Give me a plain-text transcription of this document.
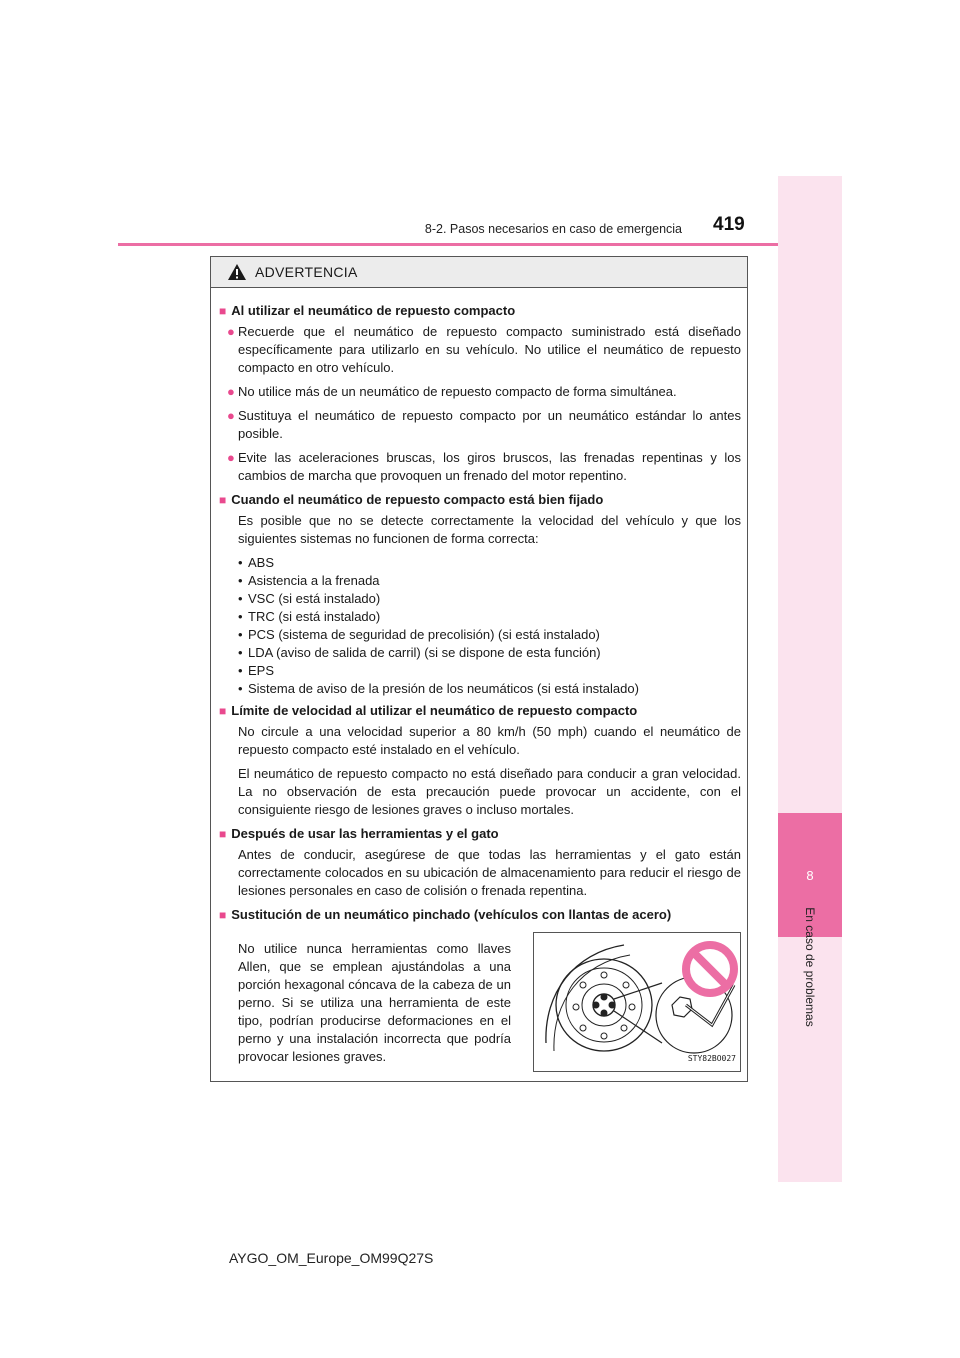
8
En caso de problemas
8-2. Pasos necesarios en caso de emergencia 419
ADVERTENCIA
■ Al utilizar el neumático de repuesto compacto
● Recuerde que el neumático de repuesto compacto suministrado está diseñado específicamente para utilizarlo en su vehículo. No utilice el neumático de repuesto compacto en otro vehículo.
● No utilice más de un neumático de repuesto compacto de forma simultánea.
● Sustituya el neumático de repuesto compacto por un neumático estándar lo antes posible.
● Evite las aceleraciones bruscas, los giros bruscos, las frenadas repentinas y los cambios de marcha que provoquen un frenado del motor repentino.
■ Cuando el neumático de repuesto compacto está bien fijado
Es posible que no se detecte correctamente la velocidad del vehículo y que los siguientes sistemas no funcionen de forma correcta:
• ABS
• Asistencia a la frenada
• VSC (si está instalado)
• TRC (si está instalado)
• PCS (sistema de seguridad de precolisión) (si está instalado)
• LDA (aviso de salida de carril) (si se dispone de esta función)
• EPS
• Sistema de aviso de la presión de los neumáticos (si está instalado)
■ Límite de velocidad al utilizar el neumático de repuesto compacto
No circule a una velocidad superior a 80 km/h (50 mph) cuando el neumático de repuesto compacto esté instalado en el vehículo.
El neumático de repuesto compacto no está diseñado para conducir a gran velocidad. La no observación de esta precaución puede provocar un accidente, con el consiguiente riesgo de lesiones graves o incluso mortales.
■ Después de usar las herramientas y el gato
Antes de conducir, asegúrese de que todas las herramientas y el gato están correctamente colocados en su ubicación de almacenamiento para reducir el riesgo de lesiones personales en caso de colisión o frenada repentina.
■ Sustitución de un neumático pinchado (vehículos con llantas de acero)
No utilice nunca herramientas como llaves Allen, que se emplean ajustándolas a una porción hexagonal cóncava de la cabeza de un perno. Si se utiliza una herramienta de este tipo, podrían producirse deformaciones en el perno y una instalación incorrecta que podría provocar lesiones graves.	STY82BO027
AYGO_OM_Europe_OM99Q27S
